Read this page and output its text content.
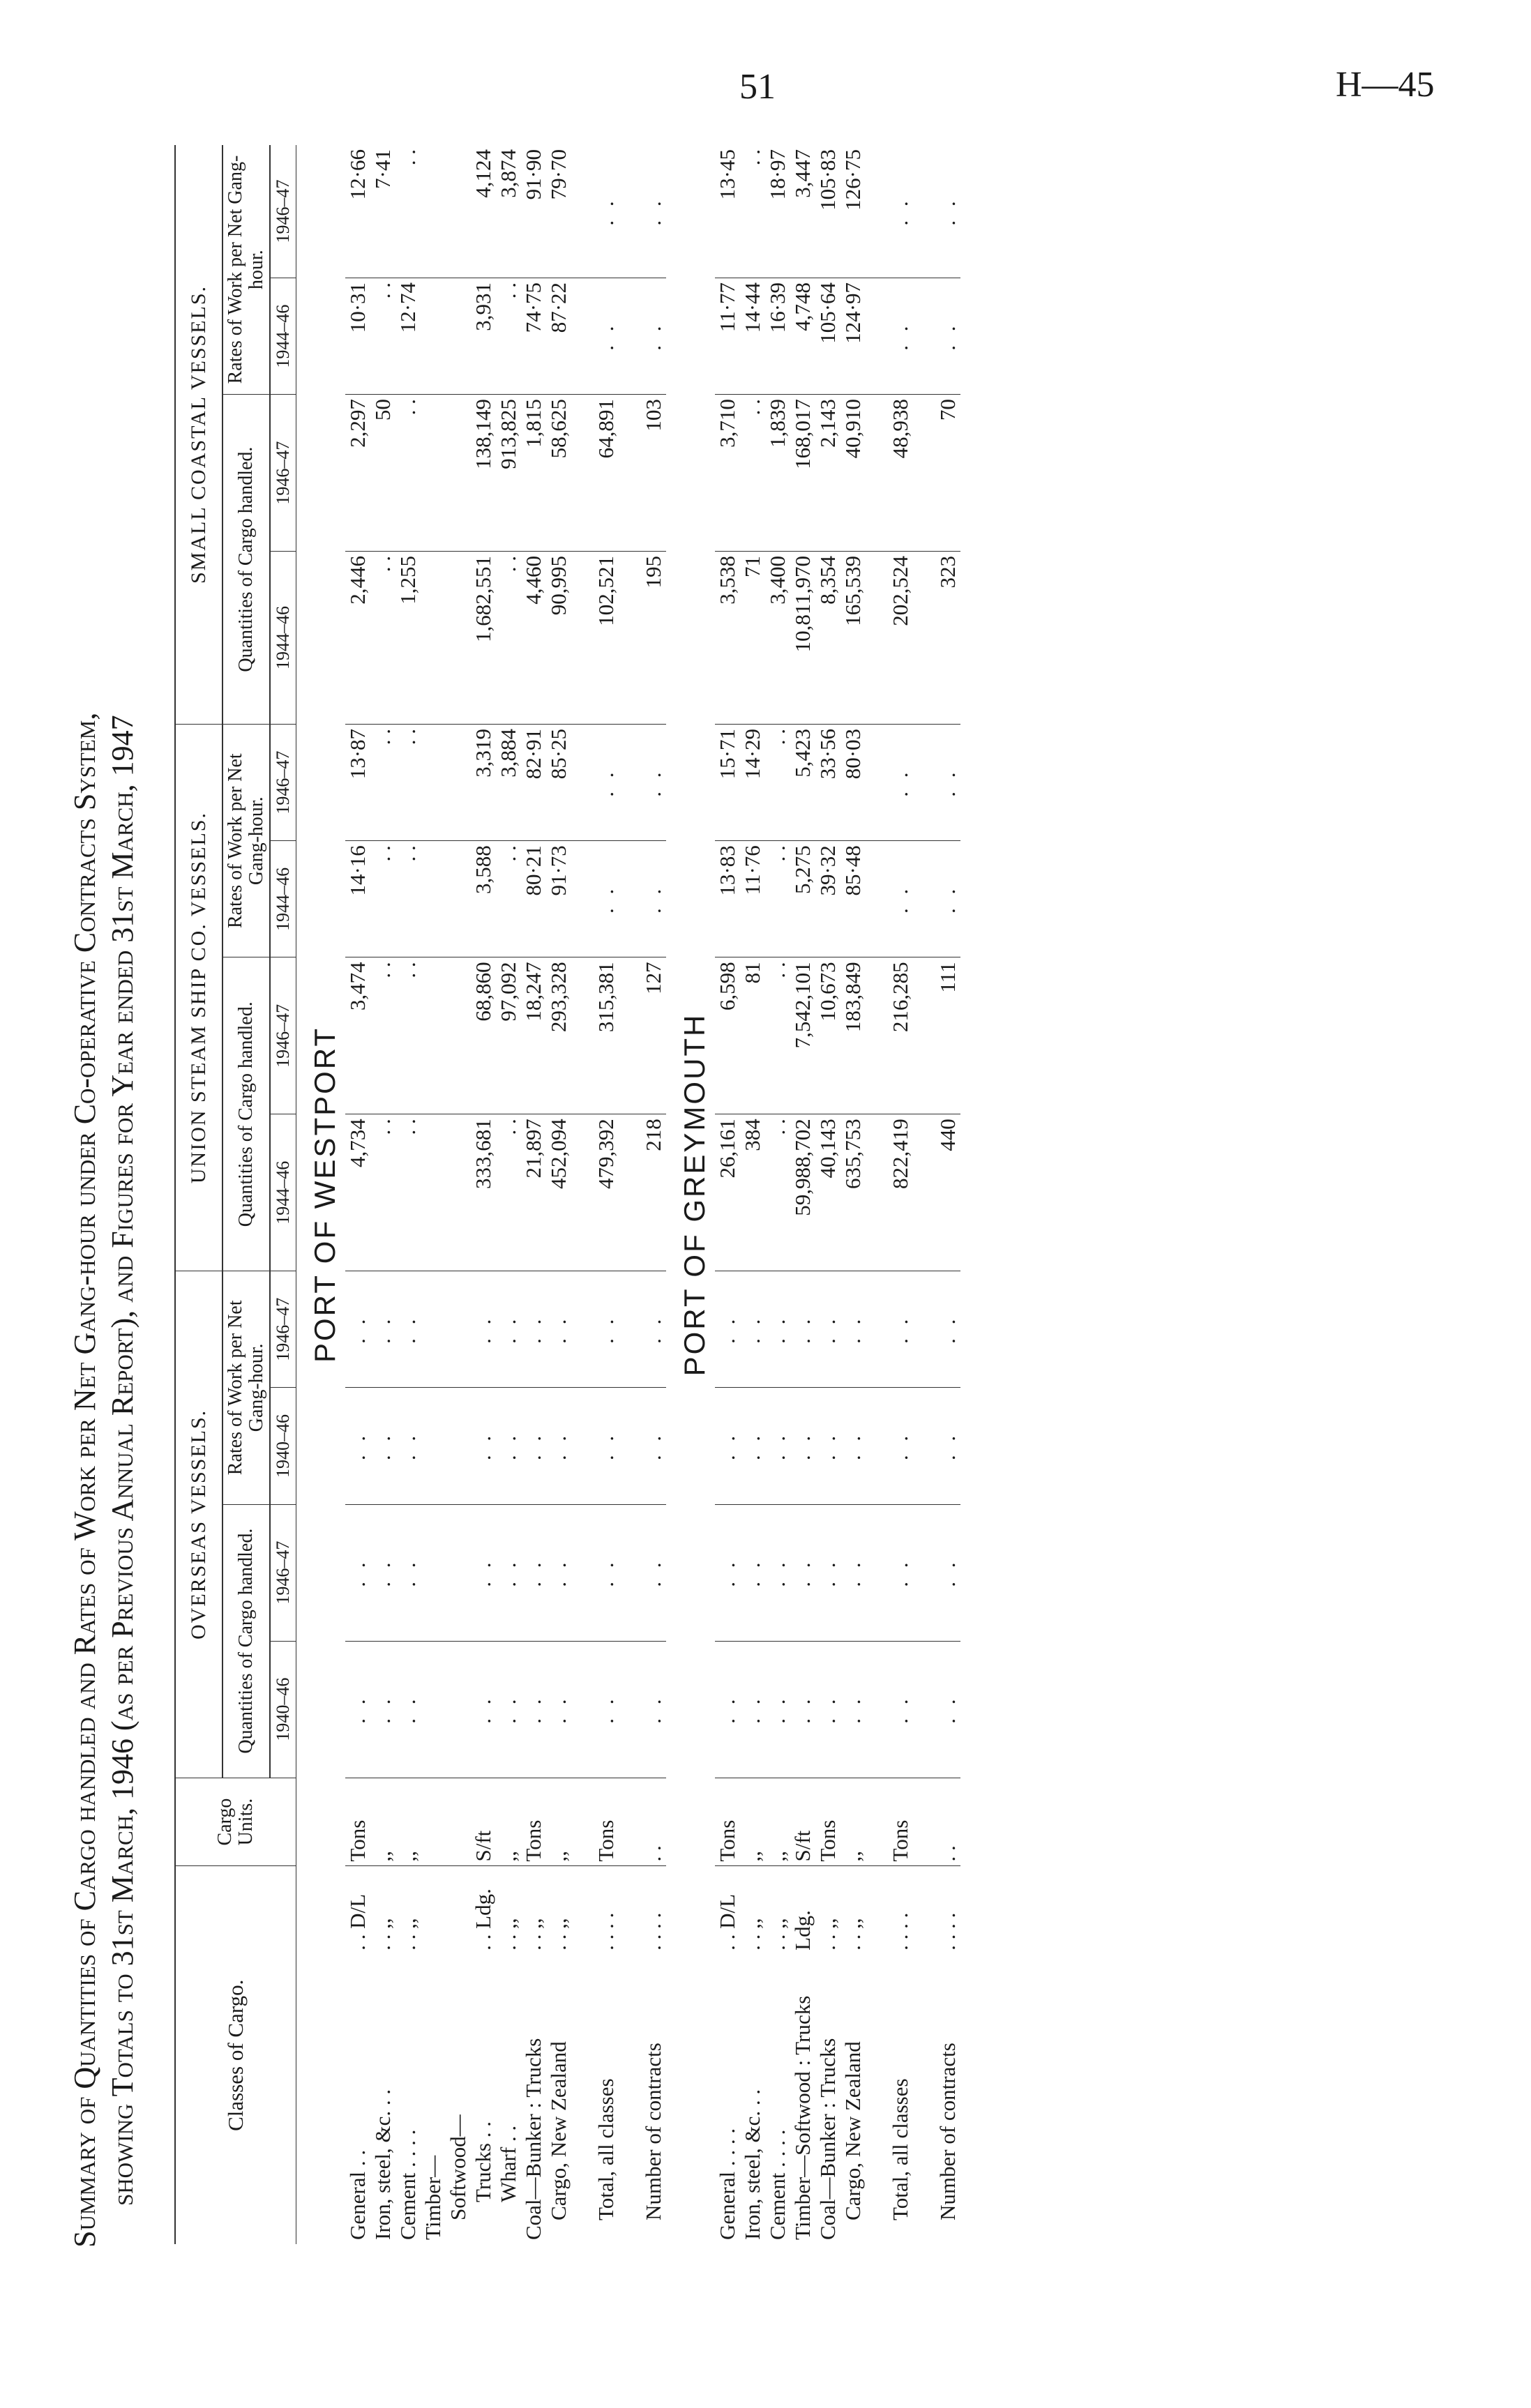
51	H—45
Summary of Quantities of Cargo handled and Rates of Work per Net Gang-hour under Co-operative Contracts System, showing Totals to 31st March, 1946 (as per Previous Annual Report), and Figures for Year ended 31st March, 1947	Classes of Cargo.		Cargo Units.	OVERSEAS VESSELS.				UNION STEAM SHIP CO. VESSELS.				SMALL COASTAL VESSELS.			
			Quantities of Cargo handled.		Rates of Work per Net Gang-hour.		Quantities of Cargo handled.		Rates of Work per Net Gang-hour.		Quantities of Cargo handled.		Rates of Work per Net Gang-hour.	
			1940–46	1946–47	1940–46	1946–47	1944–46	1946–47	1944–46	1946–47	1944–46	1946–47	1944–46	1946–47
PORT OF WESTPORT														
General . .	. . D/L	Tons	. .	. .	. .	. .	4,734	3,474	14·16	13·87	2,446	2,297	10·31	12·66
Iron, steel, &c. . .	. . ,,	,,	. .	. .	. .	. .	. .	. .	. .	. .	. .	50	. .	7·41
Cement . . . .	. . ,,	,,	. .	. .	. .	. .	. .	. .	. .	. .	1,255	. .	12·74	. .
Timber—														
Softwood—														
Trucks . .	. . Ldg.	S/ft	. .	. .	. .	. .	333,681	68,860	3,588	3,319	1,682,551	138,149	3,931	4,124
Wharf . .	. . ,,	,,	. .	. .	. .	. .	. .	97,092	. .	3,884	. .	913,825	. .	3,874
Coal—Bunker : Trucks	. . ,,	Tons	. .	. .	. .	. .	21,897	18,247	80·21	82·91	4,460	1,815	74·75	91·90
Cargo, New Zealand	. . ,,	,,	. .	. .	. .	. .	452,094	293,328	91·73	85·25	90,995	58,625	87·22	79·70

Total, all classes	. . . .	Tons	. .	. .	. .	. .	479,392	315,381	. .	. .	102,521	64,891	. .	. .

Number of contracts	. . . .	. .	. .	. .	. .	. .	218	127	. .	. .	195	103	. .	. .
PORT OF GREYMOUTH														
General . . . .	. . D/L	Tons	. .	. .	. .	. .	26,161	6,598	13·83	15·71	3,538	3,710	11·77	13·45
Iron, steel, &c. . .	. . ,,	,,	. .	. .	. .	. .	384	81	11·76	14·29	71	. .	14·44	. .
Cement . . . .	. . ,,	,,	. .	. .	. .	. .	. .	. .	. .	. .	3,400	1,839	16·39	18·97
Timber—Softwood : Trucks	Ldg.	S/ft	. .	. .	. .	. .	59,988,702	7,542,101	5,275	5,423	10,811,970	168,017	4,748	3,447
Coal—Bunker : Trucks	. . ,,	Tons	. .	. .	. .	. .	40,143	10,673	39·32	33·56	8,354	2,143	105·64	105·83
Cargo, New Zealand	. . ,,	,,	. .	. .	. .	. .	635,753	183,849	85·48	80·03	165,539	40,910	124·97	126·75

Total, all classes	. . . .	Tons	. .	. .	. .	. .	822,419	216,285	. .	. .	202,524	48,938	. .	. .

Number of contracts	. . . .	. .	. .	. .	. .	. .	440	111	. .	. .	323	70	. .	. .
